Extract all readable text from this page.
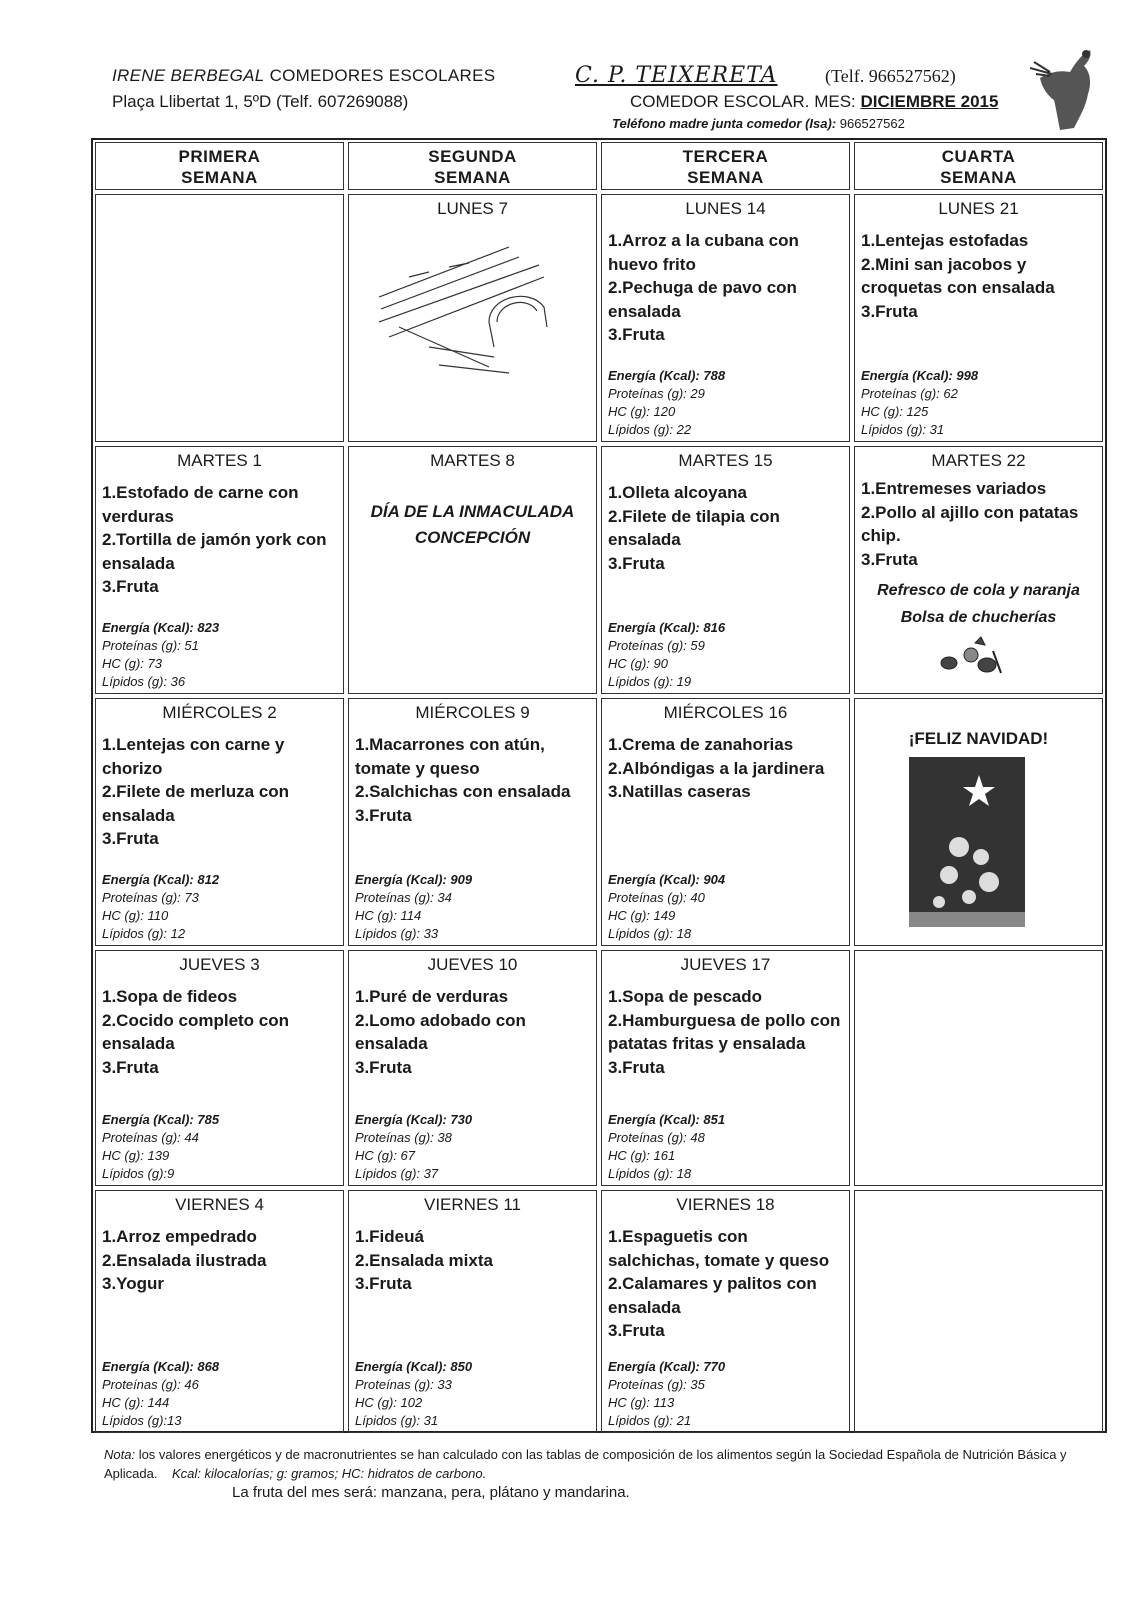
IRENE BERBEGAL COMEDORES ESCOLARES
Plaça Llibertat 1, 5ºD (Telf. 607269088)
C. P. TEIXERETA	(Telf. 966527562)
COMEDOR ESCOLAR. MES: DICIEMBRE 2015
Teléfono madre junta comedor (Isa): 966527562
PRIMERA
SEMANA
SEGUNDA
SEMANA
TERCERA
SEMANA
CUARTA
SEMANA
LUNES 7	LUNES 14
1.Arroz a la cubana con huevo frito
2.Pechuga de pavo con ensalada
3.Fruta
Energía (Kcal): 788
Proteínas (g): 29
HC (g): 120
Lípidos (g): 22
LUNES 21
1.Lentejas estofadas
2.Mini san jacobos y croquetas con ensalada
3.Fruta
Energía (Kcal): 998
Proteínas (g): 62
HC (g): 125
Lípidos (g): 31
MARTES 1
1.Estofado de carne con verduras
2.Tortilla de jamón york con ensalada
3.Fruta
Energía (Kcal): 823
Proteínas (g): 51
HC (g): 73
Lípidos (g): 36
MARTES 8
DÍA DE LA INMACULADA
CONCEPCIÓN
MARTES 15
1.Olleta alcoyana
2.Filete de tilapia con ensalada
3.Fruta
Energía (Kcal): 816
Proteínas (g): 59
HC (g): 90
Lípidos (g): 19
MARTES 22
1.Entremeses variados
2.Pollo al ajillo con patatas chip.
3.Fruta
Refresco de cola y naranja
Bolsa de chucherías
MIÉRCOLES 2
1.Lentejas con carne y chorizo
2.Filete de merluza con ensalada
3.Fruta
Energía (Kcal): 812
Proteínas (g): 73
HC (g): 110
Lípidos (g): 12
MIÉRCOLES 9
1.Macarrones con atún, tomate y queso
2.Salchichas con ensalada
3.Fruta
Energía (Kcal): 909
Proteínas (g): 34
HC (g): 114
Lípidos (g): 33
MIÉRCOLES 16
1.Crema de zanahorias
2.Albóndigas a la jardinera
3.Natillas caseras
Energía (Kcal): 904
Proteínas (g): 40
HC (g): 149
Lípidos (g): 18
¡FELIZ NAVIDAD!
JUEVES 3
1.Sopa de fideos
2.Cocido completo con ensalada
3.Fruta
Energía (Kcal): 785
Proteínas (g): 44
HC (g): 139
Lípidos (g):9
JUEVES 10
1.Puré de verduras
2.Lomo adobado con ensalada
3.Fruta
Energía (Kcal): 730
Proteínas (g): 38
HC (g): 67
Lípidos (g): 37
JUEVES 17
1.Sopa de pescado
2.Hamburguesa de pollo con patatas fritas y ensalada
3.Fruta
Energía (Kcal): 851
Proteínas (g): 48
HC (g): 161
Lípidos (g): 18
VIERNES 4
1.Arroz empedrado
2.Ensalada ilustrada
3.Yogur
Energía (Kcal): 868
Proteínas (g): 46
HC (g): 144
Lípidos (g):13
VIERNES 11
1.Fideuá
2.Ensalada mixta
3.Fruta
Energía (Kcal): 850
Proteínas (g): 33
HC (g): 102
Lípidos (g): 31
VIERNES 18
1.Espaguetis con salchichas, tomate y queso
2.Calamares y palitos con ensalada
3.Fruta
Energía (Kcal): 770
Proteínas (g): 35
HC (g): 113
Lípidos (g): 21
Nota: los valores energéticos y de macronutrientes se han calculado con las tablas de composición de los alimentos según la Sociedad Española de Nutrición Básica y Aplicada. Kcal: kilocalorías; g: gramos; HC: hidratos de carbono.
La fruta del mes será: manzana, pera, plátano y mandarina.
